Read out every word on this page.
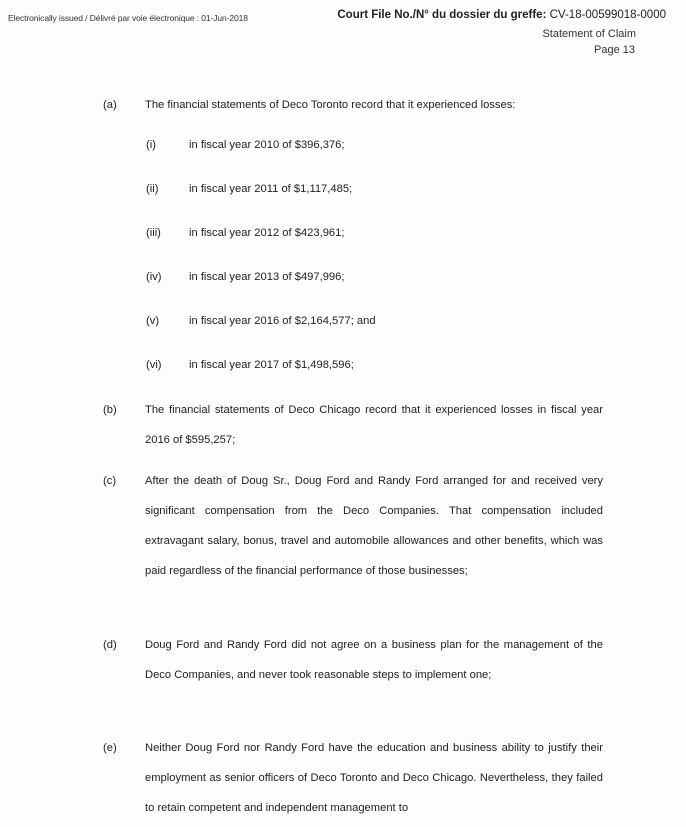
Electronically issued / Délivré par voie électronique : 01-Jun-2018	Court File No./N° du dossier du greffe: CV-18-00599018-0000
Statement of Claim
Page 13
(a)	The financial statements of Deco Toronto record that it experienced losses:
(i)	in fiscal year 2010 of $396,376;
(ii)	in fiscal year 2011 of $1,117,485;
(iii)	in fiscal year 2012 of $423,961;
(iv) in fiscal year 2013 of $497,996;
(v)	in fiscal year 2016 of $2,164,577; and
(vi) in fiscal year 2017 of $1,498,596;
(b)	The financial statements of Deco Chicago record that it experienced losses in fiscal year 2016 of $595,257;
(c)	After the death of Doug Sr., Doug Ford and Randy Ford arranged for and received very significant compensation from the Deco Companies. That compensation included extravagant salary, bonus, travel and automobile allowances and other benefits, which was paid regardless of the financial performance of those businesses;
(d)	Doug Ford and Randy Ford did not agree on a business plan for the management of the Deco Companies, and never took reasonable steps to implement one;
(e)	Neither Doug Ford nor Randy Ford have the education and business ability to justify their employment as senior officers of Deco Toronto and Deco Chicago. Nevertheless, they failed to retain competent and independent management to
